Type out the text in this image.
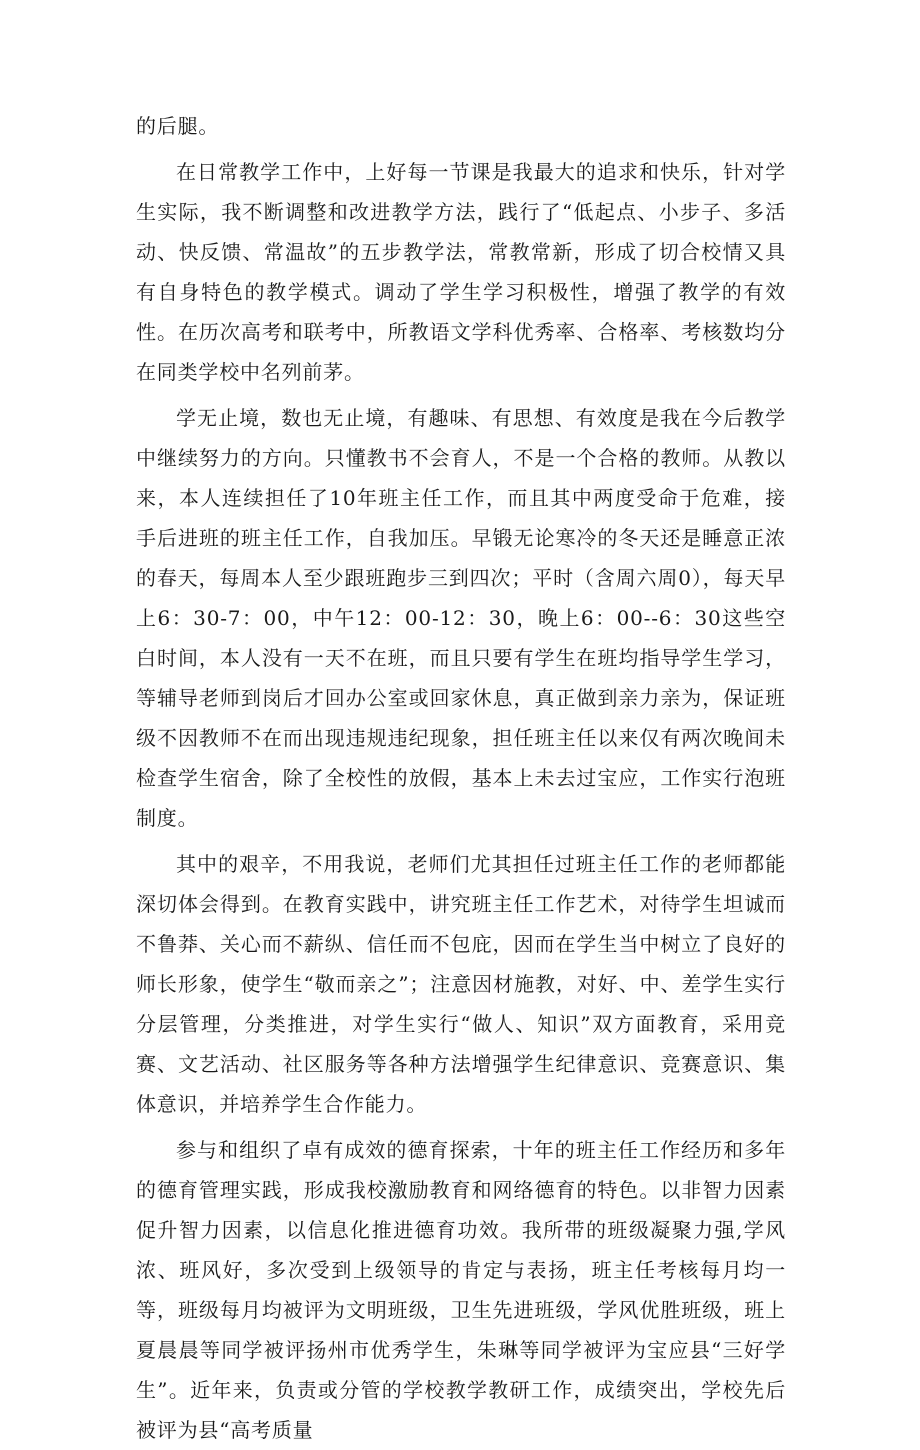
的后腿。

在日常教学工作中，上好每一节课是我最大的追求和快乐，针对学生实际，我不断调整和改进教学方法，践行了“低起点、小步子、多活动、快反馈、常温故”的五步教学法，常教常新，形成了切合校情又具有自身特色的教学模式。调动了学生学习积极性，增强了教学的有效性。在历次高考和联考中，所教语文学科优秀率、合格率、考核数均分在同类学校中名列前茅。

学无止境，数也无止境，有趣味、有思想、有效度是我在今后教学中继续努力的方向。只懂教书不会育人，不是一个合格的教师。从教以来，本人连续担任了10年班主任工作，而且其中两度受命于危难，接手后进班的班主任工作，自我加压。早锻无论寒冷的冬天还是睡意正浓的春天，每周本人至少跟班跑步三到四次；平时（含周六周0），每天早上6：30-7：00，中午12：00-12：30，晚上6：00--6：30这些空白时间，本人没有一天不在班，而且只要有学生在班均指导学生学习，等辅导老师到岗后才回办公室或回家休息，真正做到亲力亲为，保证班级不因教师不在而出现违规违纪现象，担任班主任以来仅有两次晚间未检查学生宿舍，除了全校性的放假，基本上未去过宝应，工作实行泡班制度。

其中的艰辛，不用我说，老师们尤其担任过班主任工作的老师都能深切体会得到。在教育实践中，讲究班主任工作艺术，对待学生坦诚而不鲁莽、关心而不薪纵、信任而不包庇，因而在学生当中树立了良好的师长形象，使学生“敬而亲之”；注意因材施教，对好、中、差学生实行分层管理，分类推进，对学生实行“做人、知识”双方面教育，采用竞赛、文艺活动、社区服务等各种方法增强学生纪律意识、竞赛意识、集体意识，并培养学生合作能力。

参与和组织了卓有成效的德育探索，十年的班主任工作经历和多年的德育管理实践，形成我校激励教育和网络德育的特色。以非智力因素促升智力因素，以信息化推进德育功效。我所带的班级凝聚力强,学风浓、班风好，多次受到上级领导的肯定与表扬，班主任考核每月均一等，班级每月均被评为文明班级，卫生先进班级，学风优胜班级，班上夏晨晨等同学被评扬州市优秀学生，朱琳等同学被评为宝应县“三好学生”。近年来，负责或分管的学校教学教研工作，成绩突出，学校先后被评为县“高考质量
